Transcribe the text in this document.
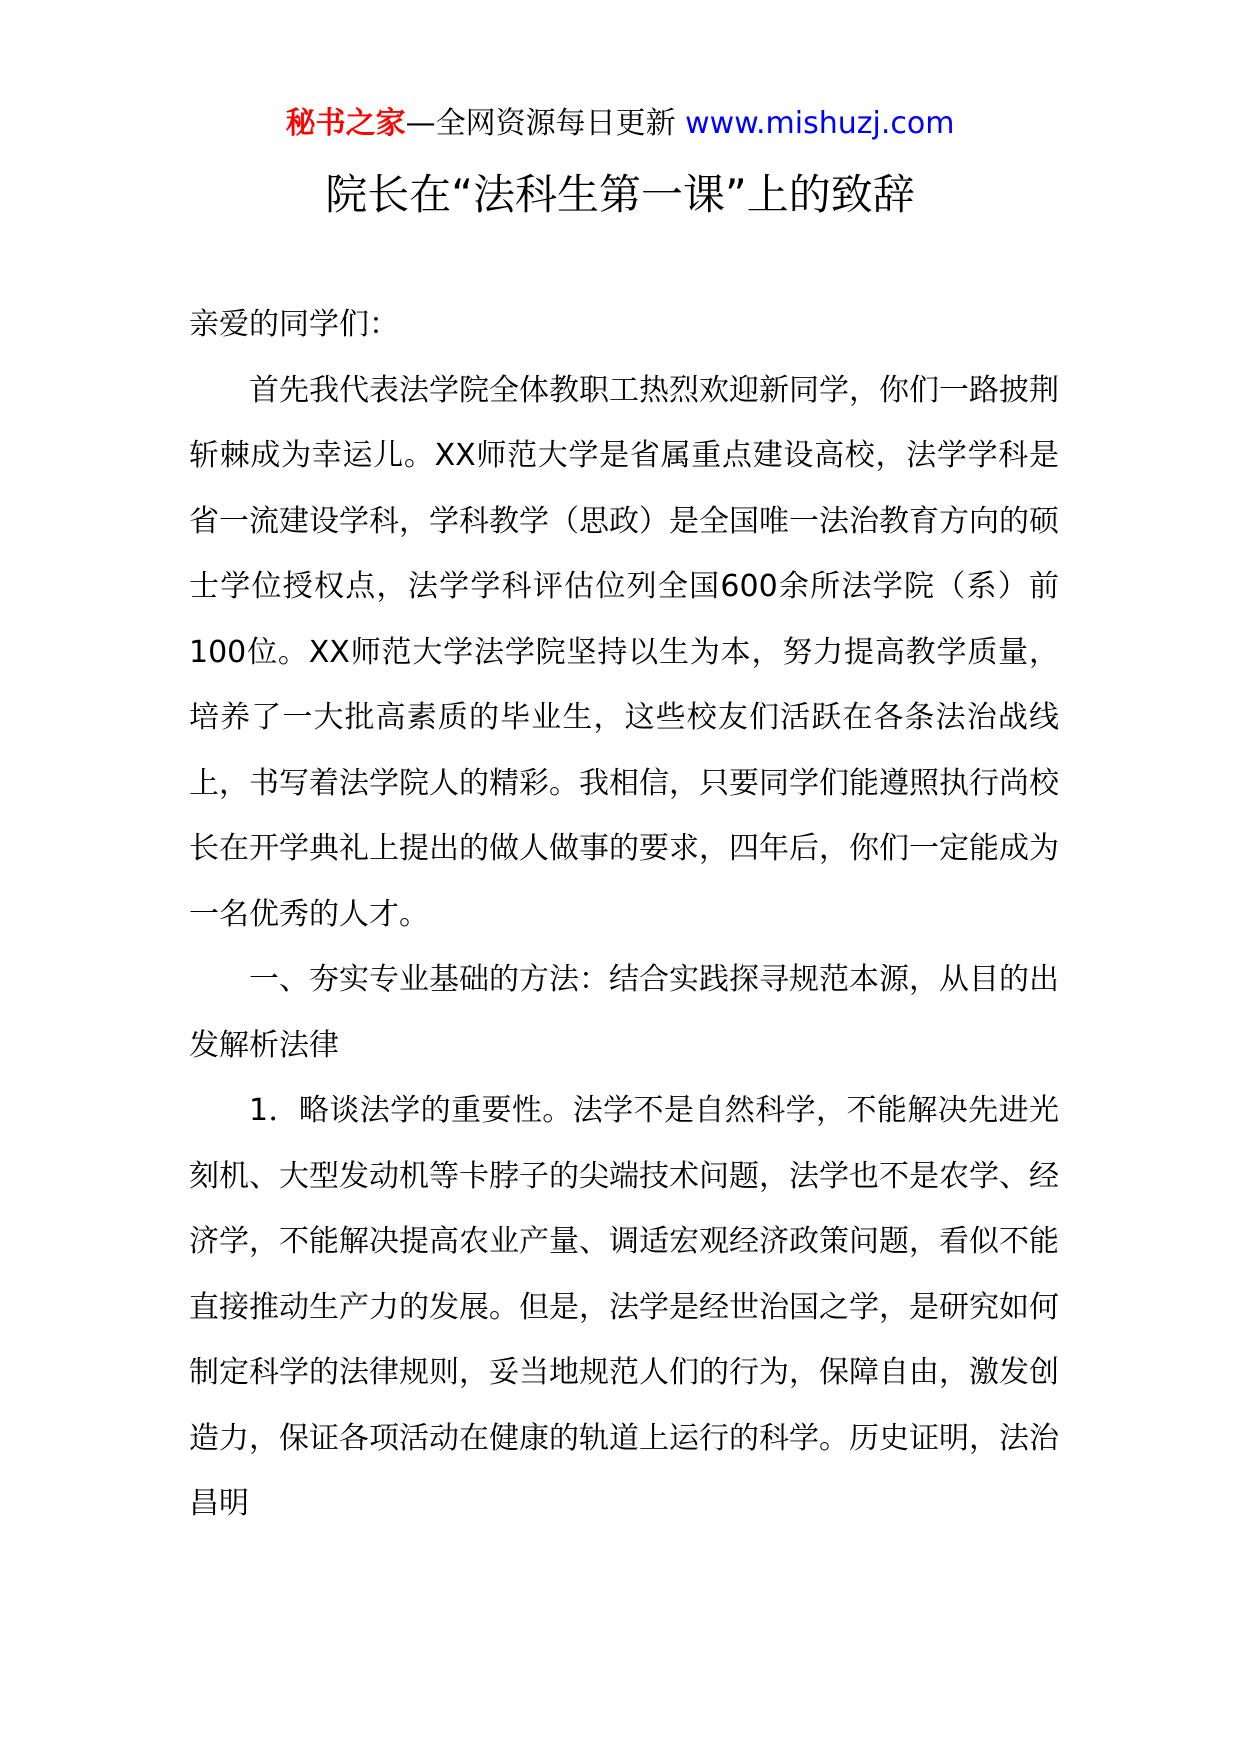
秘书之家—全网资源每日更新 www.mishuzj.com
院长在“法科生第一课”上的致辞

亲爱的同学们：

首先我代表法学院全体教职工热烈欢迎新同学，你们一路披荆斩棘成为幸运儿。XX师范大学是省属重点建设高校，法学学科是省一流建设学科，学科教学（思政）是全国唯一法治教育方向的硕士学位授权点，法学学科评估位列全国600余所法学院（系）前100位。XX师范大学法学院坚持以生为本，努力提高教学质量，培养了一大批高素质的毕业生，这些校友们活跃在各条法治战线上，书写着法学院人的精彩。我相信，只要同学们能遵照执行尚校长在开学典礼上提出的做人做事的要求，四年后，你们一定能成为一名优秀的人才。

一、夯实专业基础的方法：结合实践探寻规范本源，从目的出发解析法律

1．略谈法学的重要性。法学不是自然科学，不能解决先进光刻机、大型发动机等卡脖子的尖端技术问题，法学也不是农学、经济学，不能解决提高农业产量、调适宏观经济政策问题，看似不能直接推动生产力的发展。但是，法学是经世治国之学，是研究如何制定科学的法律规则，妥当地规范人们的行为，保障自由，激发创造力，保证各项活动在健康的轨道上运行的科学。历史证明，法治昌明
